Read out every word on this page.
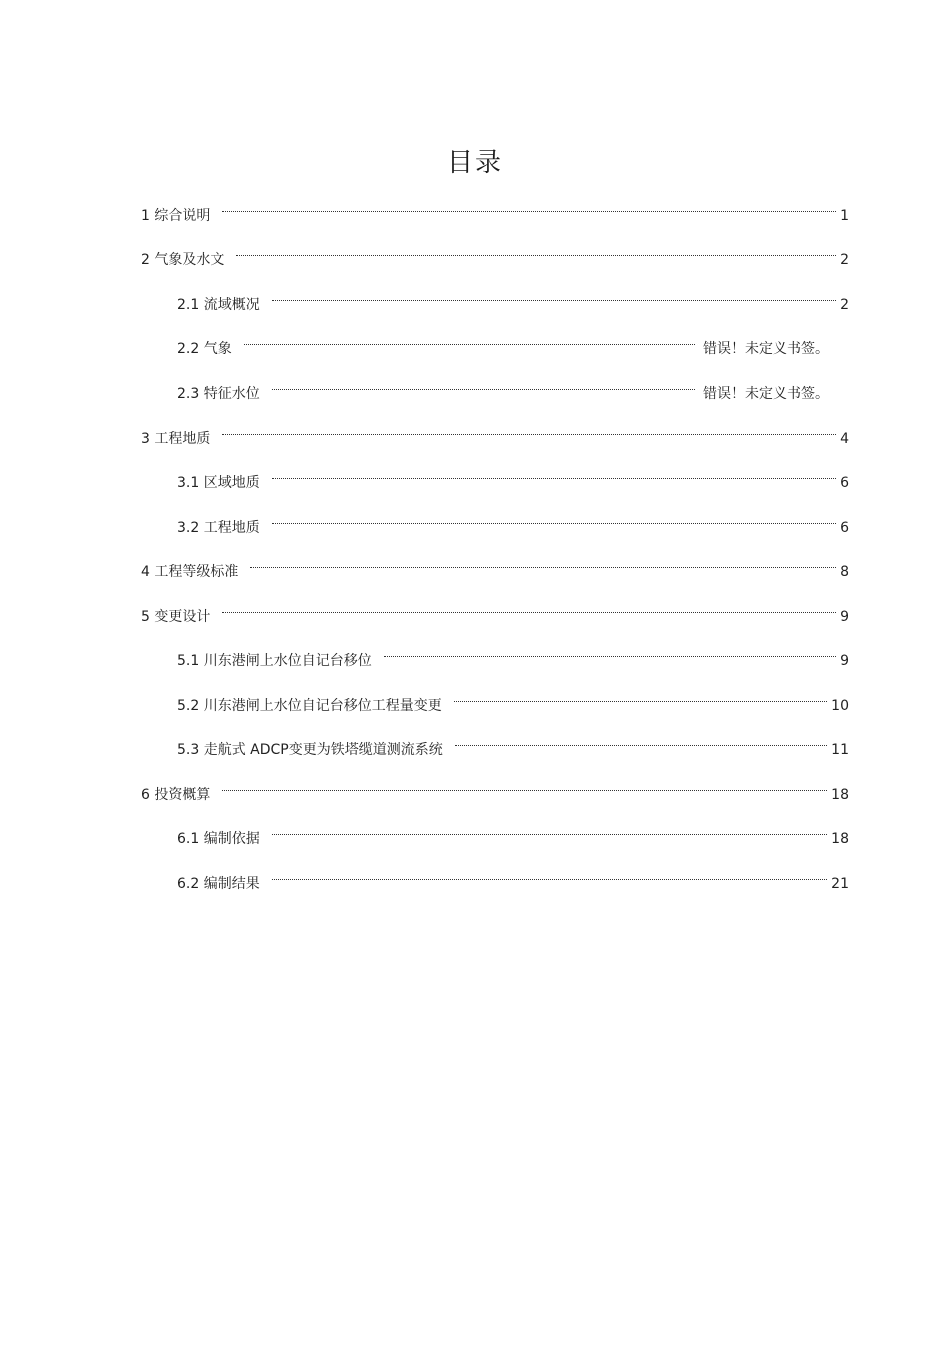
目录
1 综合说明	1
2 气象及水文	2
2.1 流域概况	2
2.2 气象	错误！未定义书签。
2.3 特征水位	错误！未定义书签。
3 工程地质	4
3.1 区域地质	6
3.2 工程地质	6
4 工程等级标准	8
5 变更设计	9
5.1 川东港闸上水位自记台移位	9
5.2 川东港闸上水位自记台移位工程量变更	10
5.3 走航式 ADCP变更为铁塔缆道测流系统	11
6 投资概算	18
6.1 编制依据	18
6.2 编制结果	21
